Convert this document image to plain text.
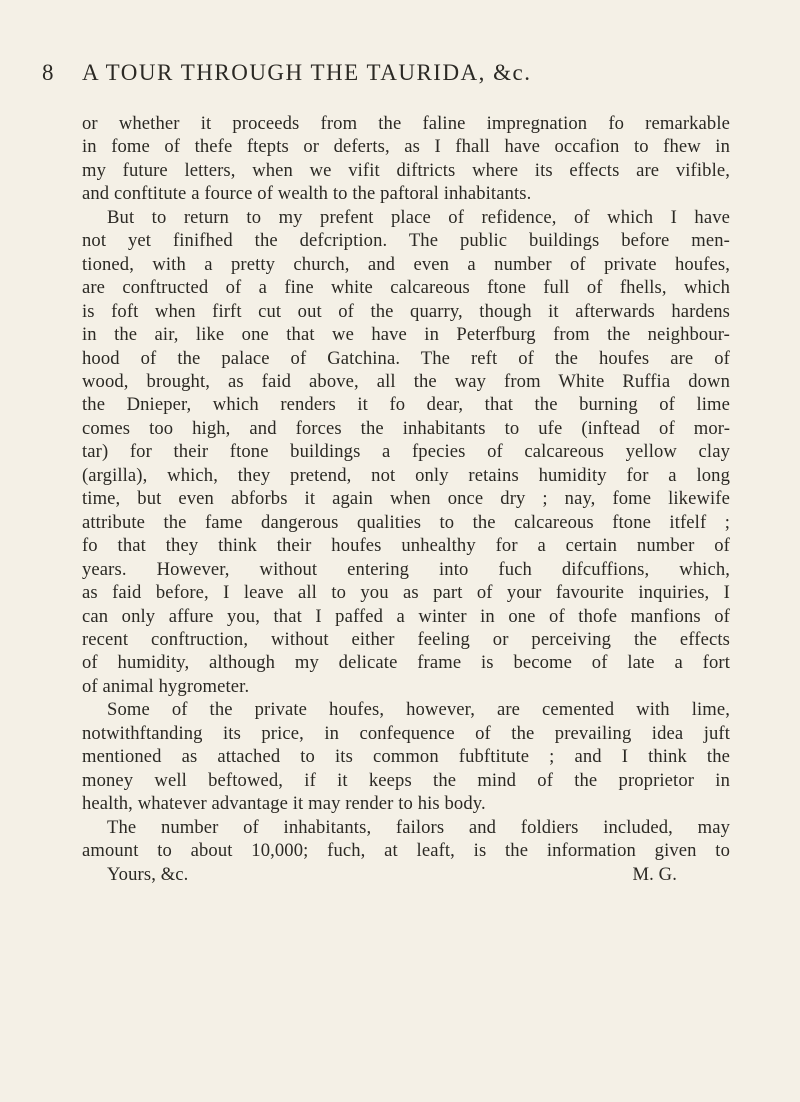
8 A TOUR THROUGH THE TAURIDA, &c.
or whether it proceeds from the faline impregnation fo remarkable
in fome of thefe ftepts or deferts, as I fhall have occafion to fhew in
my future letters, when we vifit diftricts where its effects are vifible,
and conftitute a fource of wealth to the paftoral inhabitants.
But to return to my prefent place of refidence, of which I have
not yet finifhed the defcription. The public buildings before men-
tioned, with a pretty church, and even a number of private houfes,
are conftructed of a fine white calcareous ftone full of fhells, which
is foft when firft cut out of the quarry, though it afterwards hardens
in the air, like one that we have in Peterfburg from the neighbour-
hood of the palace of Gatchina. The reft of the houfes are of
wood, brought, as faid above, all the way from White Ruffia down
the Dnieper, which renders it fo dear, that the burning of lime
comes too high, and forces the inhabitants to ufe (inftead of mor-
tar) for their ftone buildings a fpecies of calcareous yellow clay
(argilla), which, they pretend, not only retains humidity for a long
time, but even abforbs it again when once dry ; nay, fome likewife
attribute the fame dangerous qualities to the calcareous ftone itfelf ;
fo that they think their houfes unhealthy for a certain number of
years. However, without entering into fuch difcuffions, which,
as faid before, I leave all to you as part of your favourite inquiries, I
can only affure you, that I paffed a winter in one of thofe manfions of
recent conftruction, without either feeling or perceiving the effects
of humidity, although my delicate frame is become of late a fort
of animal hygrometer.
Some of the private houfes, however, are cemented with lime,
notwithftanding its price, in confequence of the prevailing idea juft
mentioned as attached to its common fubftitute ; and I think the
money well beftowed, if it keeps the mind of the proprietor in
health, whatever advantage it may render to his body.
The number of inhabitants, failors and foldiers included, may
amount to about 10,000; fuch, at leaft, is the information given to
Yours, &c.	M. G.
